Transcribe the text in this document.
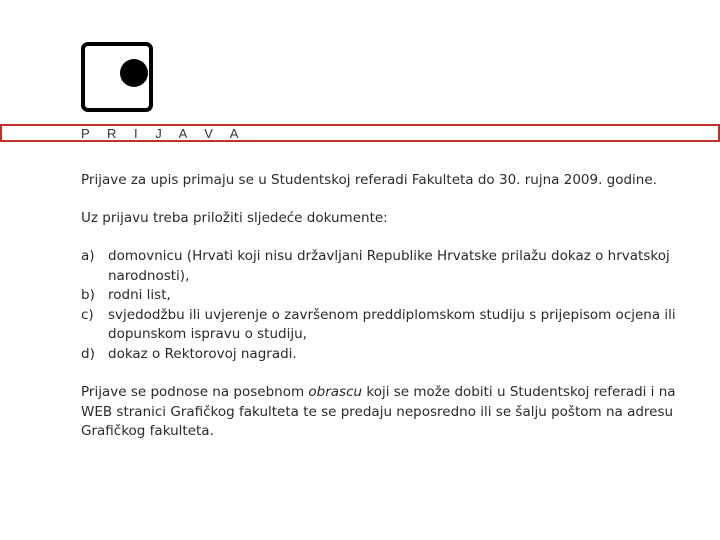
P R I J A V A

Prijave za upis primaju se u Studentskoj referadi Fakulteta do 30. rujna 2009. godine.

Uz prijavu treba priložiti sljedeće dokumente:

a) domovnicu (Hrvati koji nisu državljani Republike Hrvatske prilažu dokaz o hrvatskoj narodnosti),
b) rodni list,
c)	svjedodžbu ili uvjerenje o završenom preddiplomskom studiju s prijepisom ocjena ili dopunskom ispravu o studiju,
d) dokaz o Rektorovoj nagradi.

Prijave se podnose na posebnom obrascu koji se može dobiti u Studentskoj referadi i na WEB stranici Grafičkog fakulteta te se predaju neposredno ili se šalju poštom na adresu Grafičkog fakulteta.
